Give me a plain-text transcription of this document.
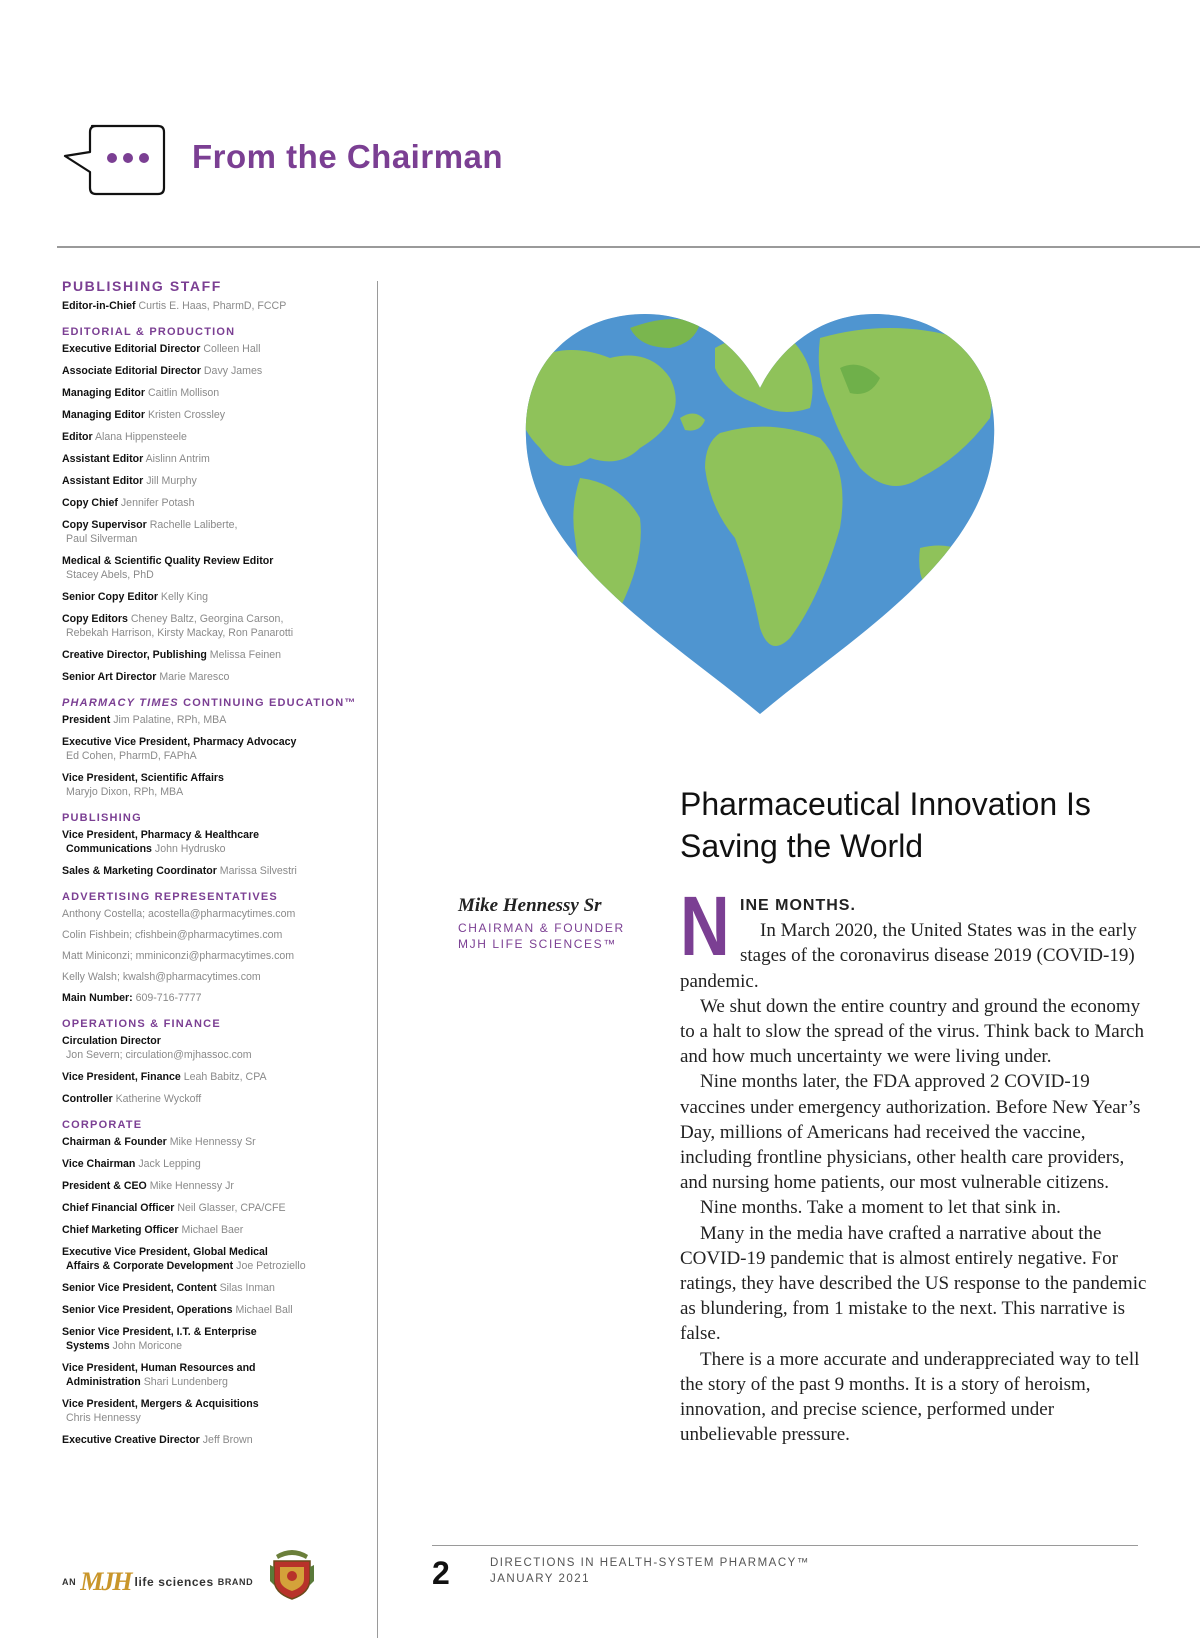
From the Chairman
PUBLISHING STAFF
Editor-in-Chief Curtis E. Haas, PharmD, FCCP
EDITORIAL & PRODUCTION
Executive Editorial Director Colleen Hall
Associate Editorial Director Davy James
Managing Editor Caitlin Mollison
Managing Editor Kristen Crossley
Editor Alana Hippensteele
Assistant Editor Aislinn Antrim
Assistant Editor Jill Murphy
Copy Chief Jennifer Potash
Copy Supervisor Rachelle Laliberte,
Paul Silverman
Medical & Scientific Quality Review Editor
Stacey Abels, PhD
Senior Copy Editor Kelly King
Copy Editors Cheney Baltz, Georgina Carson,
Rebekah Harrison, Kirsty Mackay, Ron Panarotti
Creative Director, Publishing Melissa Feinen
Senior Art Director Marie Maresco
PHARMACY TIMES CONTINUING EDUCATION™
President Jim Palatine, RPh, MBA
Executive Vice President, Pharmacy Advocacy
Ed Cohen, PharmD, FAPhA
Vice President, Scientific Affairs
Maryjo Dixon, RPh, MBA
PUBLISHING
Vice President, Pharmacy & Healthcare
Communications John Hydrusko
Sales & Marketing Coordinator Marissa Silvestri
ADVERTISING REPRESENTATIVES
Anthony Costella; acostella@pharmacytimes.com
Colin Fishbein; cfishbein@pharmacytimes.com
Matt Miniconzi; mminiconzi@pharmacytimes.com
Kelly Walsh; kwalsh@pharmacytimes.com
Main Number: 609-716-7777
OPERATIONS & FINANCE
Circulation Director
Jon Severn; circulation@mjhassoc.com
Vice President, Finance Leah Babitz, CPA
Controller Katherine Wyckoff
CORPORATE
Chairman & Founder Mike Hennessy Sr
Vice Chairman Jack Lepping
President & CEO Mike Hennessy Jr
Chief Financial Officer Neil Glasser, CPA/CFE
Chief Marketing Officer Michael Baer
Executive Vice President, Global Medical
Affairs & Corporate Development Joe Petroziello
Senior Vice President, Content Silas Inman
Senior Vice President, Operations Michael Ball
Senior Vice President, I.T. & Enterprise
Systems John Moricone
Vice President, Human Resources and
Administration Shari Lundenberg
Vice President, Mergers & Acquisitions
Chris Hennessy
Executive Creative Director Jeff Brown
AN MJH life sciences BRAND
Pharmaceutical Innovation Is Saving the World
Mike Hennessy Sr
CHAIRMAN & FOUNDER
MJH LIFE SCIENCES™ N INE MONTHS.

In March 2020, the United States was in the early stages of the coronavirus disease 2019 (COVID-19) pandemic.

We shut down the entire country and ground the economy to a halt to slow the spread of the virus. Think back to March and how much uncertainty we were living under.

Nine months later, the FDA approved 2 COVID-19 vaccines under emergency authorization. Before New Year’s Day, millions of Americans had received the vaccine, including frontline physicians, other health care providers, and nursing home patients, our most vulnerable citizens.

Nine months. Take a moment to let that sink in.

Many in the media have crafted a narrative about the COVID-19 pandemic that is almost entirely negative. For ratings, they have described the US response to the pandemic as blundering, from 1 mistake to the next. This narrative is false.

There is a more accurate and underappreciated way to tell the story of the past 9 months. It is a story of heroism, innovation, and precise science, performed under unbelievable pressure.

2	DIRECTIONS IN HEALTH-SYSTEM PHARMACY™
JANUARY 2021
